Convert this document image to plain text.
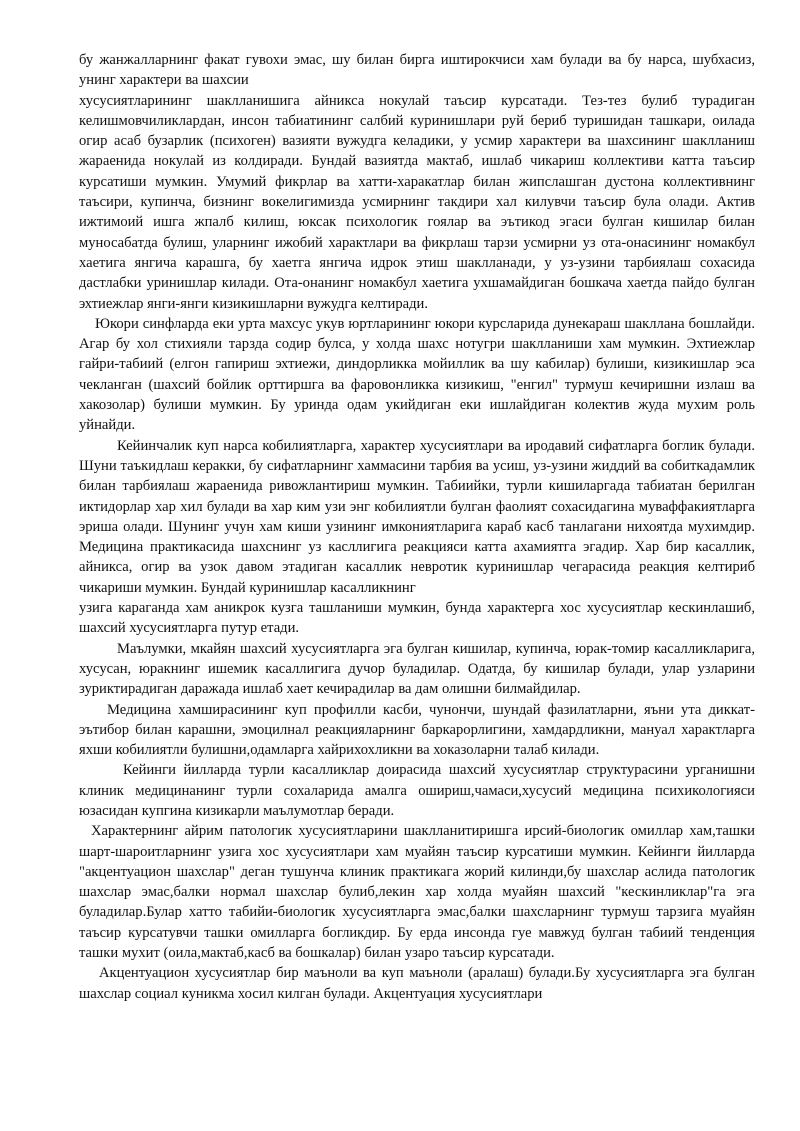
бу жанжалларнинг факат гувохи эмас, шу билан бирга иштирокчиси хам булади ва бу нарса, шубхасиз, унинг характери ва шахсии

хусусиятларининг шаклланишига айникса нокулай таъсир курсатади. Тез-тез булиб турадиган келишмовчиликлардан, инсон табиатининг салбий куринишлари руй бериб туришидан ташкари, оилада огир асаб бузарлик (психоген) вазияти вужудга келадики, у усмир характери ва шахсининг шаклланиш жараенида нокулай из колдиради. Бундай вазиятда мактаб, ишлаб чикариш коллективи катта таъсир курсатиши мумкин. Умумий фикрлар ва хатти-харакатлар билан жипслашган дустона коллективнинг таъсири, купинча, бизнинг вокелигимизда усмирнинг такдири хал килувчи таъсир була олади. Актив ижтимоий ишга жпалб килиш, юксак психологик гоялар ва эътикод эгаси булган кишилар билан муносабатда булиш, уларнинг ижобий характлари ва фикрлаш тарзи усмирни уз ота-онасининг номакбул хаетига янгича карашга, бу хаетга янгича идрок этиш шаклланади, у уз-узини тарбиялаш сохасида дастлабки уринишлар килади. Ота-онанинг номакбул хаетига ухшамайдиган бошкача хаетда пайдо булган эхтиежлар янги-янги кизикишларни вужудга келтиради.

Юкори синфларда еки урта махсус укув юртларининг юкори курсларида дунекараш шакллана бошлайди. Агар бу хол стихияли тарзда содир булса, у холда шахс нотугри шаклланиши хам мумкин. Эхтиежлар гайри-табиий (елгон гапириш эхтиежи, диндорликка мойиллик ва шу кабилар) булиши, кизикишлар эса чекланган (шахсий бойлик орттиршга ва фаровонликка кизикиш, "енгил" турмуш кечиришни излаш ва хакозолар) булиши мумкин. Бу уринда одам укийдиган еки ишлайдиган колектив жуда мухим роль уйнайди.

Кейинчалик куп нарса кобилиятларга, характер хусусиятлари ва иродавий сифатларга боглик булади. Шуни таъкидлаш керакки, бу сифатларнинг хаммасини тарбия ва усиш, уз-узини жиддий ва собиткадамлик билан тарбиялаш жараенида ривожлантириш мумкин. Табиийки, турли кишиларгада табиатан берилган иктидорлар хар хил булади ва хар ким узи энг кобилиятли булган фаолият сохасидагина муваффакиятларга эриша олади. Шунинг учун хам киши узининг имкониятларига караб касб танлагани нихоятда мухимдир. Медицина практикасида шахснинг уз касллигига реакцияси катта ахамиятга эгадир. Хар бир касаллик, айникса, огир ва узок давом этадиган касаллик невротик куринишлар чегарасида реакция келтириб чикариши мумкин. Бундай куринишлар касалликнинг

узига караганда хам аникрок кузга ташланиши мумкин, бунда характерга хос хусусиятлар кескинлашиб, шахсий хусусиятларга путур етади.

Маълумки, мкайян шахсий хусусиятларга эга булган кишилар, купинча, юрак-томир касалликларига, хусусан, юракнинг ишемик касаллигига дучор буладилар. Одатда, бу кишилар булади, улар узларини зуриктирадиган даражада ишлаб хает кечирадилар ва дам олишни билмайдилар.

Медицина хамширасининг куп профилли касби, чунончи, шундай фазилатларни, яъни ута диккат-эътибор билан карашни, эмоцилнал реакцияларнинг баркарорлигини, хамдардликни, мануал характларга яхши кобилиятли булишни,одамларга хайрихохликни ва хоказоларни талаб килади.

Кейинги йилларда турли касалликлар доирасида шахсий хусусиятлар структурасини урганишни клиник медицинанинг турли сохаларида амалга ошириш,чамаси,хусусий медицина психикологияси юзасидан купгина кизикарли маълумотлар беради.

Характернинг айрим патологик хусусиятларини шаклланитиришга ирсий-биологик омиллар хам,ташки шарт-шароитларнинг узига хос хусусиятлари хам муайян таъсир курсатиши мумкин. Кейинги йилларда "акцентуацион шахслар" деган тушунча клиник практикага жорий килинди,бу шахслар аслида патологик шахслар эмас,балки нормал шахслар булиб,лекин хар холда муайян шахсий "кескинликлар"га эга буладилар.Булар хатто табийи-биологик хусусиятларга эмас,балки шахсларнинг турмуш тарзига муайян таъсир курсатувчи ташки омилларга богликдир. Бу ерда инсонда гуе мавжуд булган табиий тенденция ташки мухит (оила,мактаб,касб ва бошкалар) билан узаро таъсир курсатади.

Акцентуацион хусусиятлар бир маъноли ва куп маъноли (аралаш) булади.Бу хусусиятларга эга булган шахслар социал куникма хосил килган булади. Акцентуация хусусиятлари
